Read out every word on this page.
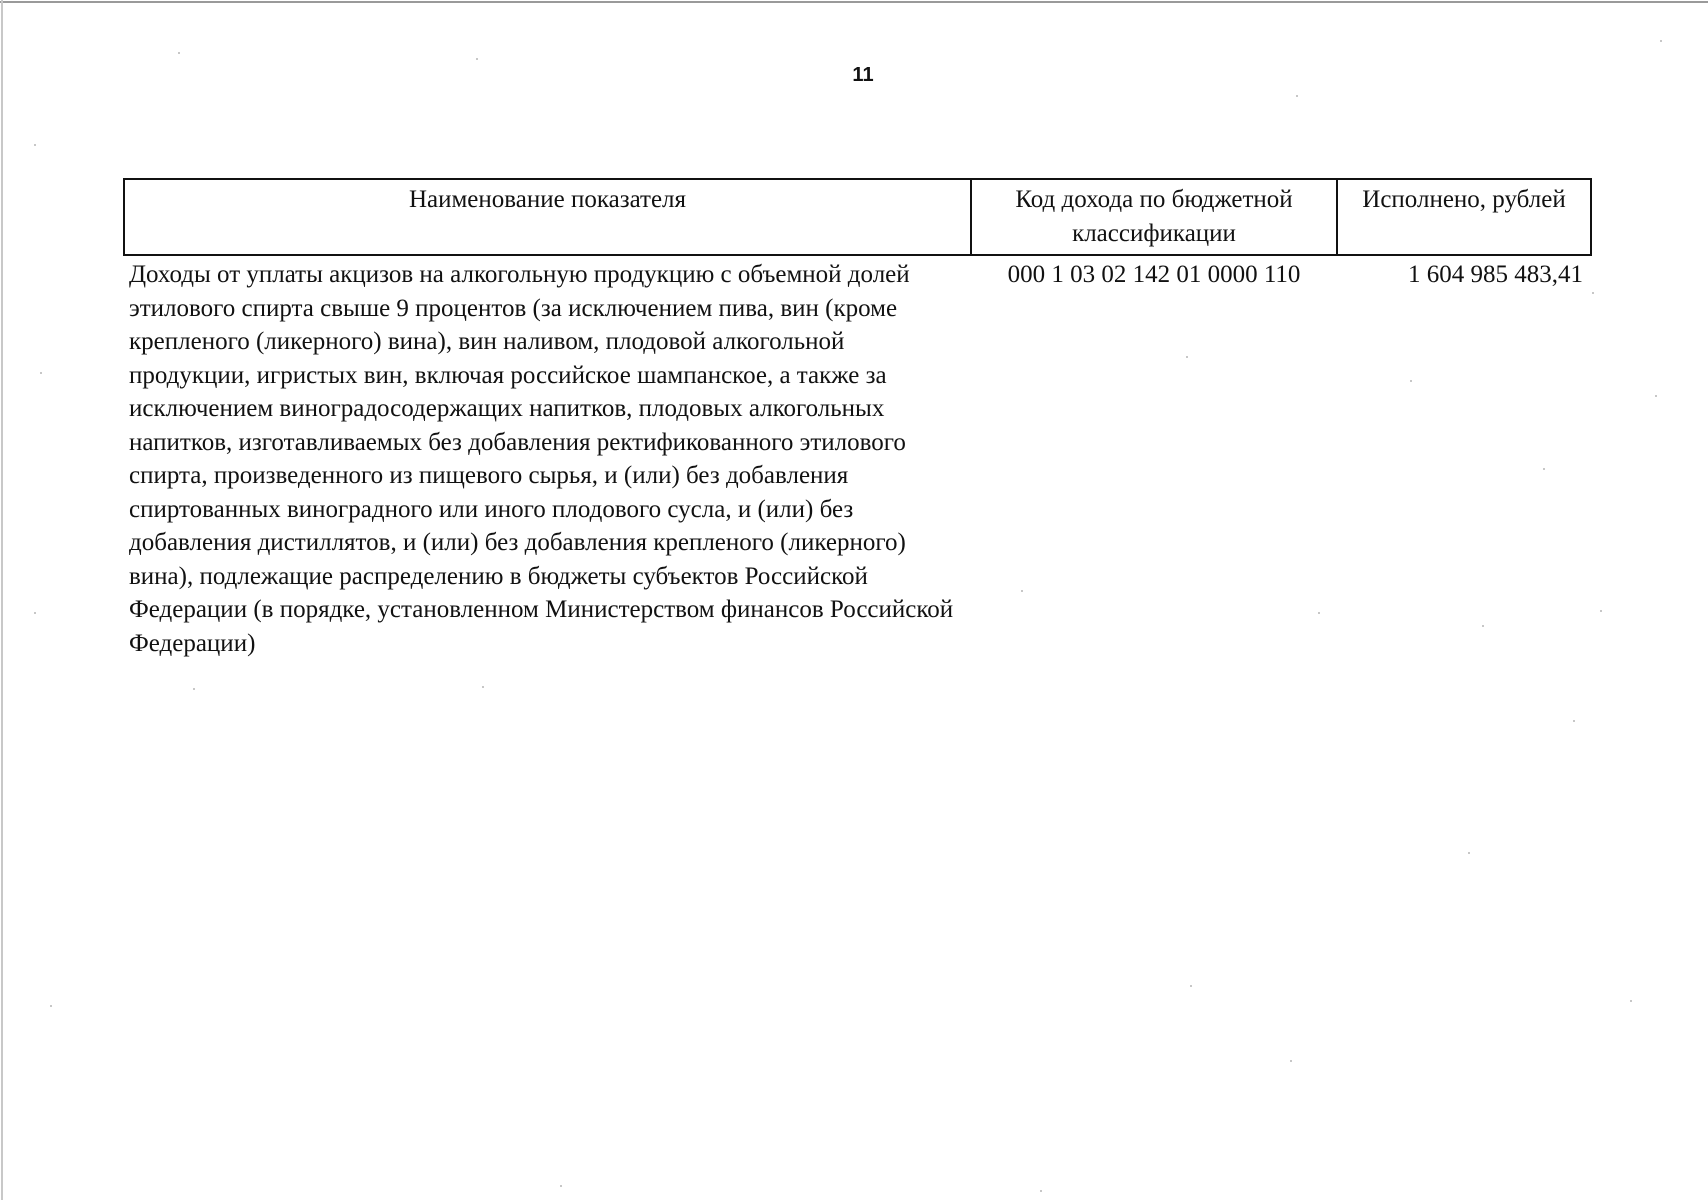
11
Наименование показателя	Код дохода по бюджетной классификации	Исполнено, рублей
Доходы от уплаты акцизов на алкогольную продукцию с объемной долей этилового спирта свыше 9 процентов (за исключением пива, вин (кроме крепленого (ликерного) вина), вин наливом, плодовой алкогольной продукции, игристых вин, включая российское шампанское, а также за исключением виноградосодержащих напитков, плодовых алкогольных напитков, изготавливаемых без добавления ректификованного этилового спирта, произведенного из пищевого сырья, и (или) без добавления спиртованных виноградного или иного плодового сусла, и (или) без добавления дистиллятов, и (или) без добавления крепленого (ликерного) вина), подлежащие распределению в бюджеты субъектов Российской Федерации (в порядке, установленном Министерством финансов Российской Федерации)	000 1 03 02 142 01 0000 110	1 604 985 483,41
